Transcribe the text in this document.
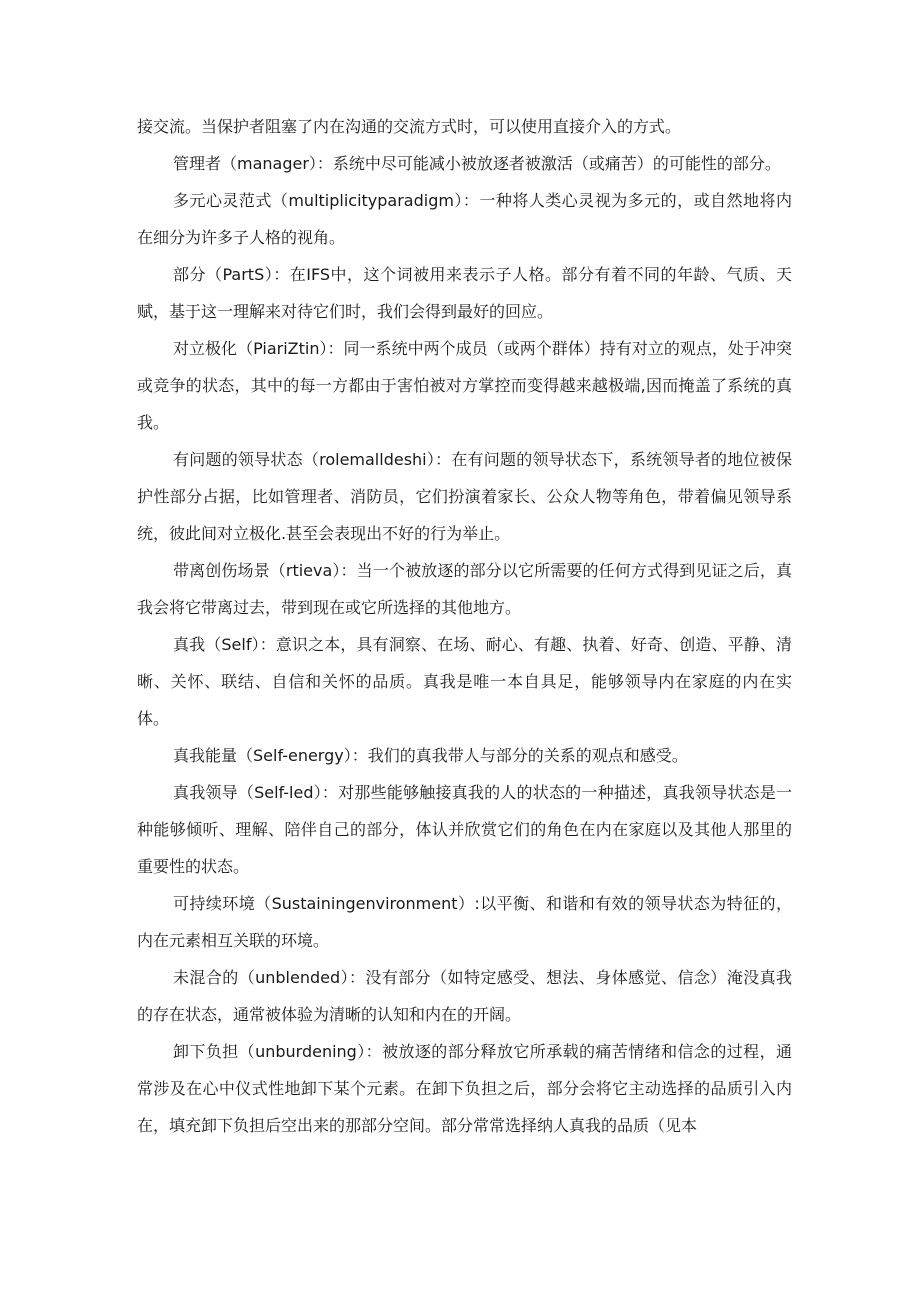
接交流。当保护者阻塞了内在沟通的交流方式时，可以使用直接介入的方式。

管理者（manager）：系统中尽可能减小被放逐者被激活（或痛苦）的可能性的部分。

多元心灵范式（multiplicityparadigm）：一种将人类心灵视为多元的，或自然地将内在细分为许多子人格的视角。

部分（PartS）：在IFS中，这个词被用来表示子人格。部分有着不同的年龄、气质、天赋，基于这一理解来对待它们时，我们会得到最好的回应。

对立极化（PiariZtin）：同一系统中两个成员（或两个群体）持有对立的观点，处于冲突或竞争的状态，其中的每一方都由于害怕被对方掌控而变得越来越极端,因而掩盖了系统的真我。

有问题的领导状态（rolemalldeshi）：在有问题的领导状态下，系统领导者的地位被保护性部分占据，比如管理者、消防员，它们扮演着家长、公众人物等角色，带着偏见领导系统，彼此间对立极化.甚至会表现出不好的行为举止。

带离创伤场景（rtieva）：当一个被放逐的部分以它所需要的任何方式得到见证之后，真我会将它带离过去，带到现在或它所选择的其他地方。

真我（Self）：意识之本，具有洞察、在场、耐心、有趣、执着、好奇、创造、平静、清晰、关怀、联结、自信和关怀的品质。真我是唯一本自具足，能够领导内在家庭的内在实体。

真我能量（Self-energy）：我们的真我带人与部分的关系的观点和感受。

真我领导（Self-led）：对那些能够触接真我的人的状态的一种描述，真我领导状态是一种能够倾听、理解、陪伴自己的部分，体认并欣赏它们的角色在内在家庭以及其他人那里的重要性的状态。

可持续环境（Sustainingenvironment）:以平衡、和谐和有效的领导状态为特征的，内在元素相互关联的环境。

未混合的（unblended）：没有部分（如特定感受、想法、身体感觉、信念）淹没真我的存在状态，通常被体验为清晰的认知和内在的开阔。

卸下负担（unburdening）：被放逐的部分释放它所承载的痛苦情绪和信念的过程，通常涉及在心中仪式性地卸下某个元素。在卸下负担之后，部分会将它主动选择的品质引入内在，填充卸下负担后空出来的那部分空间。部分常常选择纳人真我的品质（见本
